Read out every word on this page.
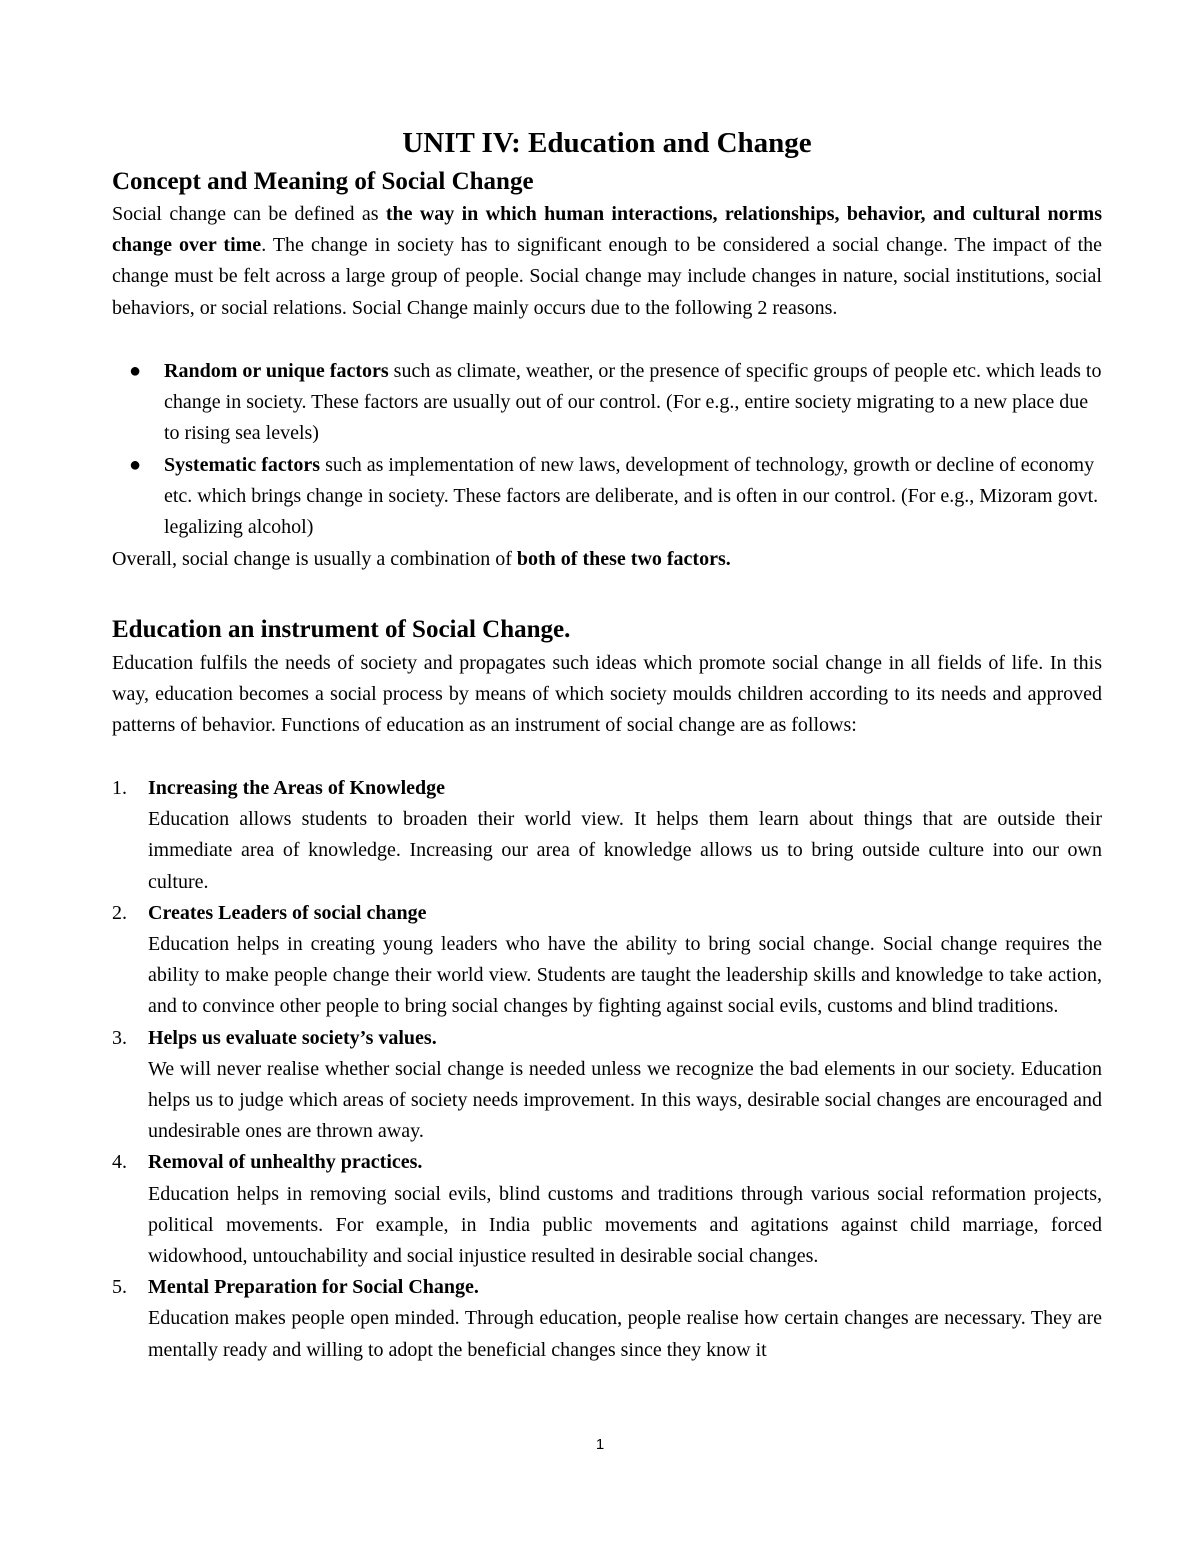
UNIT IV: Education and Change
Concept and Meaning of Social Change

Social change can be defined as the way in which human interactions, relationships, behavior, and cultural norms change over time. The change in society has to significant enough to be considered a social change. The impact of the change must be felt across a large group of people. Social change may include changes in nature, social institutions, social behaviors, or social relations. Social Change mainly occurs due to the following 2 reasons.

● Random or unique factors such as climate, weather, or the presence of specific groups of people etc. which leads to change in society. These factors are usually out of our control. (For e.g., entire society migrating to a new place due to rising sea levels)
● Systematic factors such as implementation of new laws, development of technology, growth or decline of economy etc. which brings change in society. These factors are deliberate, and is often in our control. (For e.g., Mizoram govt. legalizing alcohol)

Overall, social change is usually a combination of both of these two factors.

Education an instrument of Social Change.

Education fulfils the needs of society and propagates such ideas which promote social change in all fields of life. In this way, education becomes a social process by means of which society moulds children according to its needs and approved patterns of behavior. Functions of education as an instrument of social change are as follows:

1. Increasing the Areas of Knowledge
Education allows students to broaden their world view. It helps them learn about things that are outside their immediate area of knowledge. Increasing our area of knowledge allows us to bring outside culture into our own culture.
2. Creates Leaders of social change
Education helps in creating young leaders who have the ability to bring social change. Social change requires the ability to make people change their world view. Students are taught the leadership skills and knowledge to take action, and to convince other people to bring social changes by fighting against social evils, customs and blind traditions.
3. Helps us evaluate society’s values.
We will never realise whether social change is needed unless we recognize the bad elements in our society. Education helps us to judge which areas of society needs improvement. In this ways, desirable social changes are encouraged and undesirable ones are thrown away.
4. Removal of unhealthy practices.
Education helps in removing social evils, blind customs and traditions through various social reformation projects, political movements. For example, in India public movements and agitations against child marriage, forced widowhood, untouchability and social injustice resulted in desirable social changes.
5. Mental Preparation for Social Change.
Education makes people open minded. Through education, people realise how certain changes are necessary. They are mentally ready and willing to adopt the beneficial changes since they know it
1
